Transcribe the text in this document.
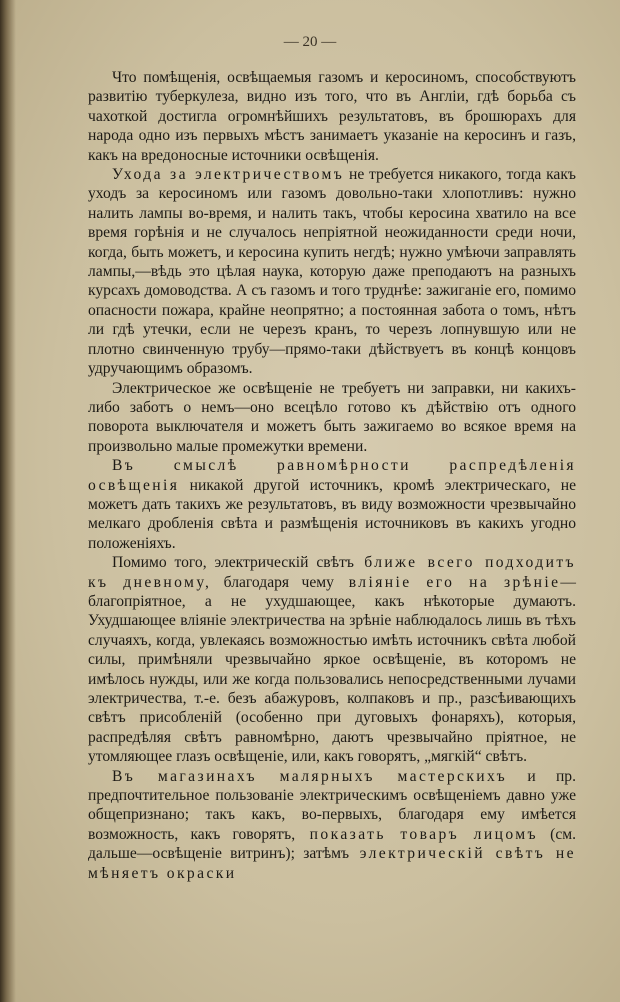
— 20 —

Что помѣщенія, освѣщаемыя газомъ и керосиномъ, способствуютъ развитію туберкулеза, видно изъ того, что въ Англіи, гдѣ борьба съ чахоткой достигла огромнѣйшихъ результатовъ, въ брошюрахъ для народа одно изъ первыхъ мѣстъ занимаетъ указаніе на керосинъ и газъ, какъ на вредоносные источники освѣщенія.

Ухода за электричествомъ не требуется никакого, тогда какъ уходъ за керосиномъ или газомъ довольно-таки хлопотливъ: нужно налить лампы во-время, и налить такъ, чтобы керосина хватило на все время горѣнія и не случалось непріятной неожиданности среди ночи, когда, быть можетъ, и керосина купить негдѣ; нужно умѣючи заправлять лампы,—вѣдь это цѣлая наука, которую даже преподаютъ на разныхъ курсахъ домоводства. А съ газомъ и того труднѣе: зажиганіе его, помимо опасности пожара, крайне неопрятно; а постоянная забота о томъ, нѣтъ ли гдѣ утечки, если не черезъ кранъ, то черезъ лопнувшую или не плотно свинченную трубу—прямо-таки дѣйствуетъ въ концѣ концовъ удручающимъ образомъ.

Электрическое же освѣщеніе не требуетъ ни заправки, ни какихъ-либо заботъ о немъ—оно всецѣло готово къ дѣйствію отъ одного поворота выключателя и можетъ быть зажигаемо во всякое время на произвольно малые промежутки времени.

Въ смыслѣ равномѣрности распредѣленія освѣщенія никакой другой источникъ, кромѣ электрическаго, не можетъ дать такихъ же результатовъ, въ виду возможности чрезвычайно мелкаго дробленія свѣта и размѣщенія источниковъ въ какихъ угодно положеніяхъ.

Помимо того, электрическій свѣтъ ближе всего подходитъ къ дневному, благодаря чему вліяніе его на зрѣніе—благопріятное, а не ухудшающее, какъ нѣкоторые думаютъ. Ухудшающее вліяніе электричества на зрѣніе наблюдалось лишь въ тѣхъ случаяхъ, когда, увлекаясь возможностью имѣть источникъ свѣта любой силы, примѣняли чрезвычайно яркое освѣщеніе, въ которомъ не имѣлось нужды, или же когда пользовались непосредственными лучами электричества, т.-е. безъ абажуровъ, колпаковъ и пр., разсѣивающихъ свѣтъ присобленій (особенно при дуговыхъ фонаряхъ), которыя, распредѣляя свѣтъ равномѣрно, даютъ чрезвычайно пріятное, не утомляющее глазъ освѣщеніе, или, какъ говорятъ, „мягкій“ свѣтъ.

Въ магазинахъ малярныхъ мастерскихъ и пр. предпочтительное пользованіе электрическимъ освѣщеніемъ давно уже общепризнано; такъ какъ, во-первыхъ, благодаря ему имѣется возможность, какъ говорятъ, показать товаръ лицомъ (см. дальше—освѣщеніе витринъ); затѣмъ электрическій свѣтъ не мѣняетъ окраски
